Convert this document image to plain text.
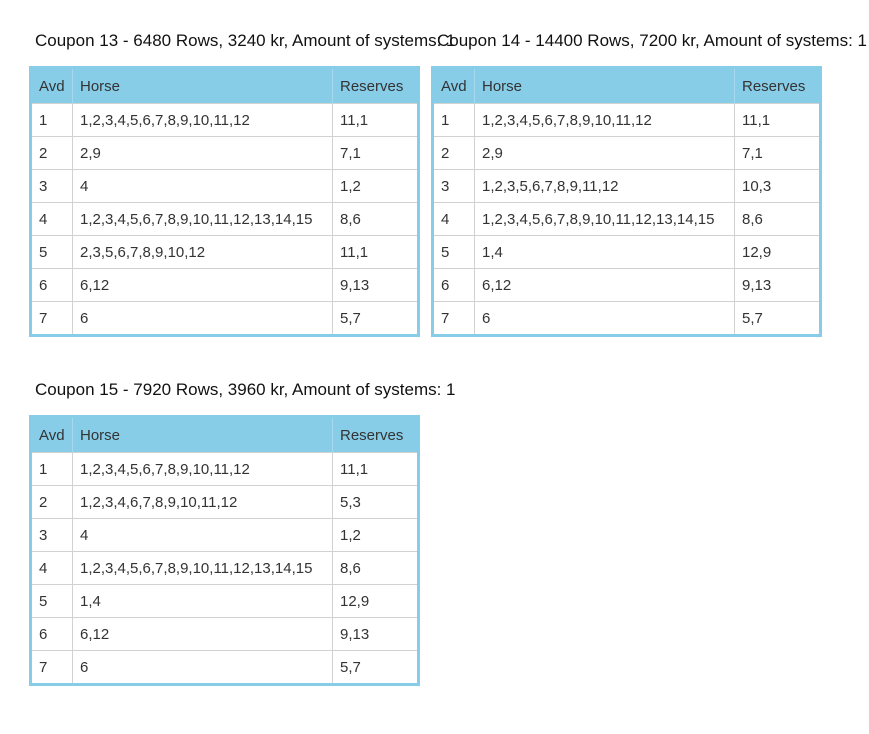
Coupon 13 - 6480 Rows, 3240 kr, Amount of systems: 1
Avd	Horse	Reserves
1	1,2,3,4,5,6,7,8,9,10,11,12	11,1
2	2,9	7,1
3	4	1,2
4	1,2,3,4,5,6,7,8,9,10,11,12,13,14,15	8,6
5	2,3,5,6,7,8,9,10,12	11,1
6	6,12	9,13
7	6	5,7
Coupon 14 - 14400 Rows, 7200 kr, Amount of systems: 1
Avd	Horse	Reserves
1	1,2,3,4,5,6,7,8,9,10,11,12	11,1
2	2,9	7,1
3	1,2,3,5,6,7,8,9,11,12	10,3
4	1,2,3,4,5,6,7,8,9,10,11,12,13,14,15	8,6
5	1,4	12,9
6	6,12	9,13
7	6	5,7
Coupon 15 - 7920 Rows, 3960 kr, Amount of systems: 1
Avd	Horse	Reserves
1	1,2,3,4,5,6,7,8,9,10,11,12	11,1
2	1,2,3,4,6,7,8,9,10,11,12	5,3
3	4	1,2
4	1,2,3,4,5,6,7,8,9,10,11,12,13,14,15	8,6
5	1,4	12,9
6	6,12	9,13
7	6	5,7
